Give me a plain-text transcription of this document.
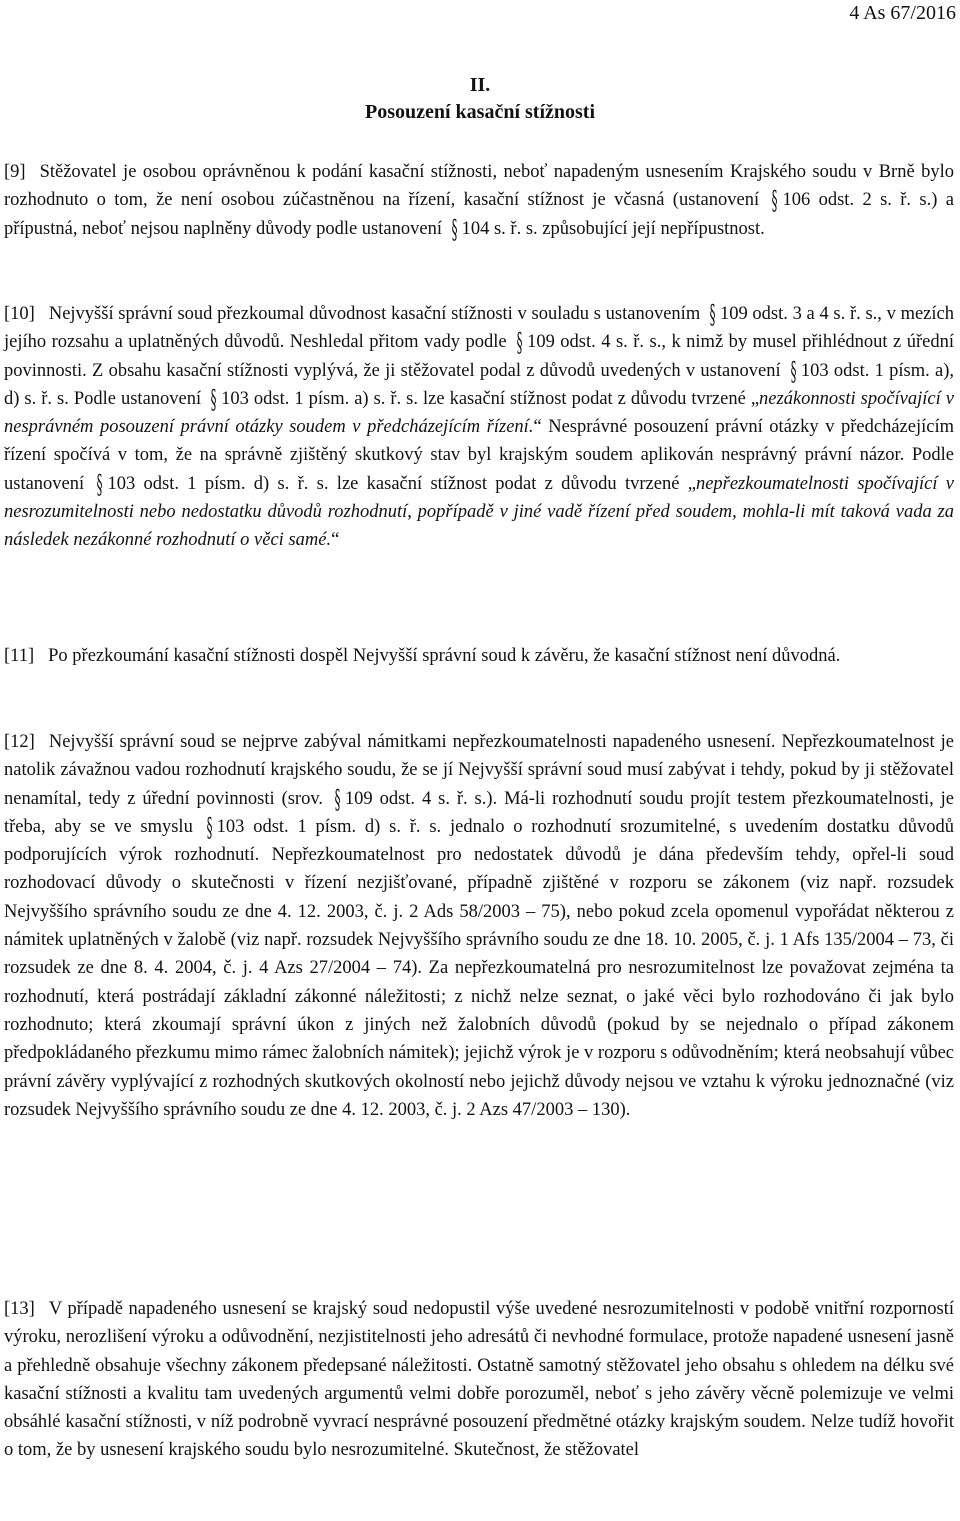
4 As 67/2016
II.
Posouzení kasační stížnosti
[9] Stěžovatel je osobou oprávněnou k podání kasační stížnosti, neboť napadeným usnesením Krajského soudu v Brně bylo rozhodnuto o tom, že není osobou zúčastněnou na řízení, kasační stížnost je včasná (ustanovení § 106 odst. 2 s. ř. s.) a přípustná, neboť nejsou naplněny důvody podle ustanovení § 104 s. ř. s. způsobující její nepřípustnost.
[10] Nejvyšší správní soud přezkoumal důvodnost kasační stížnosti v souladu s ustanovením § 109 odst. 3 a 4 s. ř. s., v mezích jejího rozsahu a uplatněných důvodů. Neshledal přitom vady podle § 109 odst. 4 s. ř. s., k nimž by musel přihlédnout z úřední povinnosti. Z obsahu kasační stížnosti vyplývá, že ji stěžovatel podal z důvodů uvedených v ustanovení § 103 odst. 1 písm. a), d) s. ř. s. Podle ustanovení § 103 odst. 1 písm. a) s. ř. s. lze kasační stížnost podat z důvodu tvrzené „nezákonnosti spočívající v nesprávném posouzení právní otázky soudem v předcházejícím řízení.“ Nesprávné posouzení právní otázky v předcházejícím řízení spočívá v tom, že na správně zjištěný skutkový stav byl krajským soudem aplikován nesprávný právní názor. Podle ustanovení § 103 odst. 1 písm. d) s. ř. s. lze kasační stížnost podat z důvodu tvrzené „nepřezkoumatelnosti spočívající v nesrozumitelnosti nebo nedostatku důvodů rozhodnutí, popřípadě v jiné vadě řízení před soudem, mohla-li mít taková vada za následek nezákonné rozhodnutí o věci samé.“
[11] Po přezkoumání kasační stížnosti dospěl Nejvyšší správní soud k závěru, že kasační stížnost není důvodná.
[12] Nejvyšší správní soud se nejprve zabýval námitkami nepřezkoumatelnosti napadeného usnesení. Nepřezkoumatelnost je natolik závažnou vadou rozhodnutí krajského soudu, že se jí Nejvyšší správní soud musí zabývat i tehdy, pokud by ji stěžovatel nenamítal, tedy z úřední povinnosti (srov. § 109 odst. 4 s. ř. s.). Má-li rozhodnutí soudu projít testem přezkoumatelnosti, je třeba, aby se ve smyslu § 103 odst. 1 písm. d) s. ř. s. jednalo o rozhodnutí srozumitelné, s uvedením dostatku důvodů podporujících výrok rozhodnutí. Nepřezkoumatelnost pro nedostatek důvodů je dána především tehdy, opřel-li soud rozhodovací důvody o skutečnosti v řízení nezjišťované, případně zjištěné v rozporu se zákonem (viz např. rozsudek Nejvyššího správního soudu ze dne 4. 12. 2003, č. j. 2 Ads 58/2003 – 75), nebo pokud zcela opomenul vypořádat některou z námitek uplatněných v žalobě (viz např. rozsudek Nejvyššího správního soudu ze dne 18. 10. 2005, č. j. 1 Afs 135/2004 – 73, či rozsudek ze dne 8. 4. 2004, č. j. 4 Azs 27/2004 – 74). Za nepřezkoumatelná pro nesrozumitelnost lze považovat zejména ta rozhodnutí, která postrádají základní zákonné náležitosti; z nichž nelze seznat, o jaké věci bylo rozhodováno či jak bylo rozhodnuto; která zkoumají správní úkon z jiných než žalobních důvodů (pokud by se nejednalo o případ zákonem předpokládaného přezkumu mimo rámec žalobních námitek); jejichž výrok je v rozporu s odůvodněním; která neobsahují vůbec právní závěry vyplývající z rozhodných skutkových okolností nebo jejichž důvody nejsou ve vztahu k výroku jednoznačné (viz rozsudek Nejvyššího správního soudu ze dne 4. 12. 2003, č. j. 2 Azs 47/2003 – 130).
[13] V případě napadeného usnesení se krajský soud nedopustil výše uvedené nesrozumitelnosti v podobě vnitřní rozporností výroku, nerozlišení výroku a odůvodnění, nezjistitelnosti jeho adresátů či nevhodné formulace, protože napadené usnesení jasně a přehledně obsahuje všechny zákonem předepsané náležitosti. Ostatně samotný stěžovatel jeho obsahu s ohledem na délku své kasační stížnosti a kvalitu tam uvedených argumentů velmi dobře porozuměl, neboť s jeho závěry věcně polemizuje ve velmi obsáhlé kasační stížnosti, v níž podrobně vyvrací nesprávné posouzení předmětné otázky krajským soudem. Nelze tudíž hovořit o tom, že by usnesení krajského soudu bylo nesrozumitelné. Skutečnost, že stěžovatel
